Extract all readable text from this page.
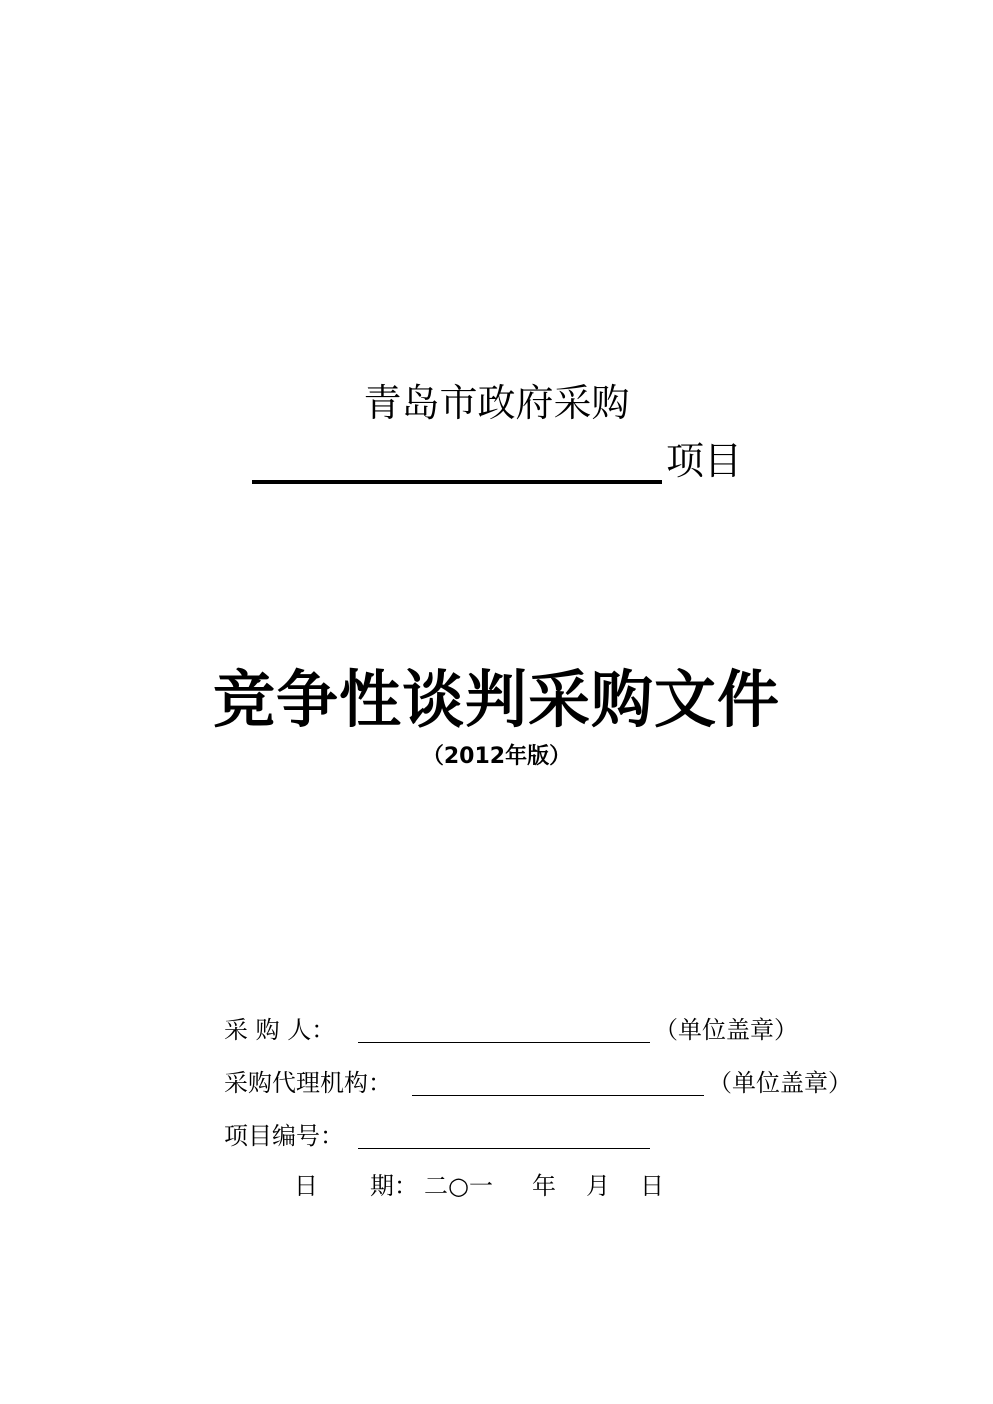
青岛市政府采购
项目
竞争性谈判采购文件
（2012年版）
采 购 人：	（单位盖章）
采购代理机构：	（单位盖章）
项目编号：
日 期： 二○一 年 月 日
